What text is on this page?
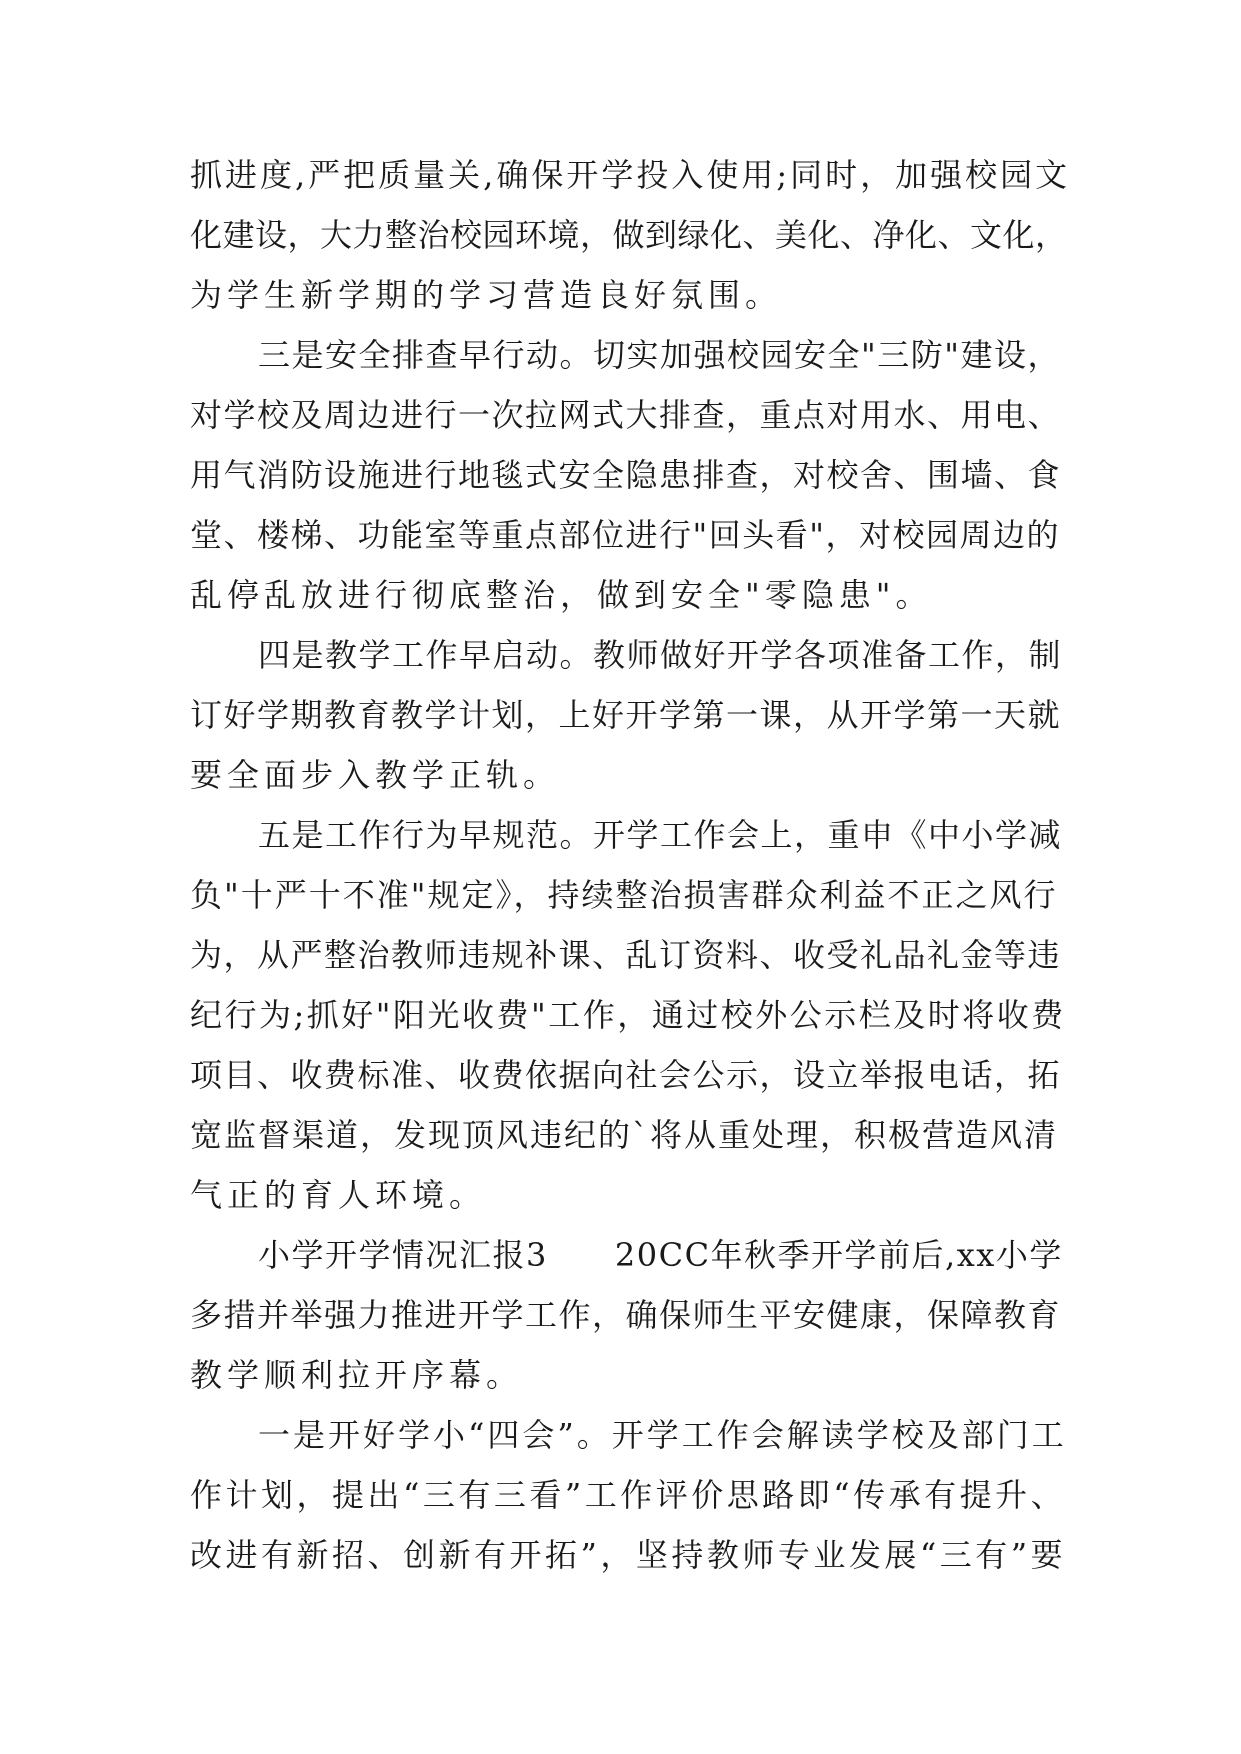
抓进度,严把质量关,确保开学投入使用;同时，加强校园文
化建设，大力整治校园环境，做到绿化、美化、净化、文化，
为学生新学期的学习营造良好氛围。
三是安全排查早行动。切实加强校园安全"三防"建设，
对学校及周边进行一次拉网式大排查，重点对用水、用电、
用气消防设施进行地毯式安全隐患排查，对校舍、围墙、食
堂、楼梯、功能室等重点部位进行"回头看"，对校园周边的
乱停乱放进行彻底整治，做到安全"零隐患"。
四是教学工作早启动。教师做好开学各项准备工作，制
订好学期教育教学计划，上好开学第一课，从开学第一天就
要全面步入教学正轨。
五是工作行为早规范。开学工作会上，重申《中小学减
负"十严十不准"规定》，持续整治损害群众利益不正之风行
为，从严整治教师违规补课、乱订资料、收受礼品礼金等违
纪行为;抓好"阳光收费"工作，通过校外公示栏及时将收费
项目、收费标准、收费依据向社会公示，设立举报电话，拓
宽监督渠道，发现顶风违纪的`将从重处理，积极营造风清
气正的育人环境。
小学开学情况汇报3　　20CC年秋季开学前后,xx小学
多措并举强力推进开学工作，确保师生平安健康，保障教育
教学顺利拉开序幕。
一是开好学小“四会”。开学工作会解读学校及部门工
作计划，提出“三有三看”工作评价思路即“传承有提升、
改进有新招、创新有开拓”，坚持教师专业发展“三有”要
